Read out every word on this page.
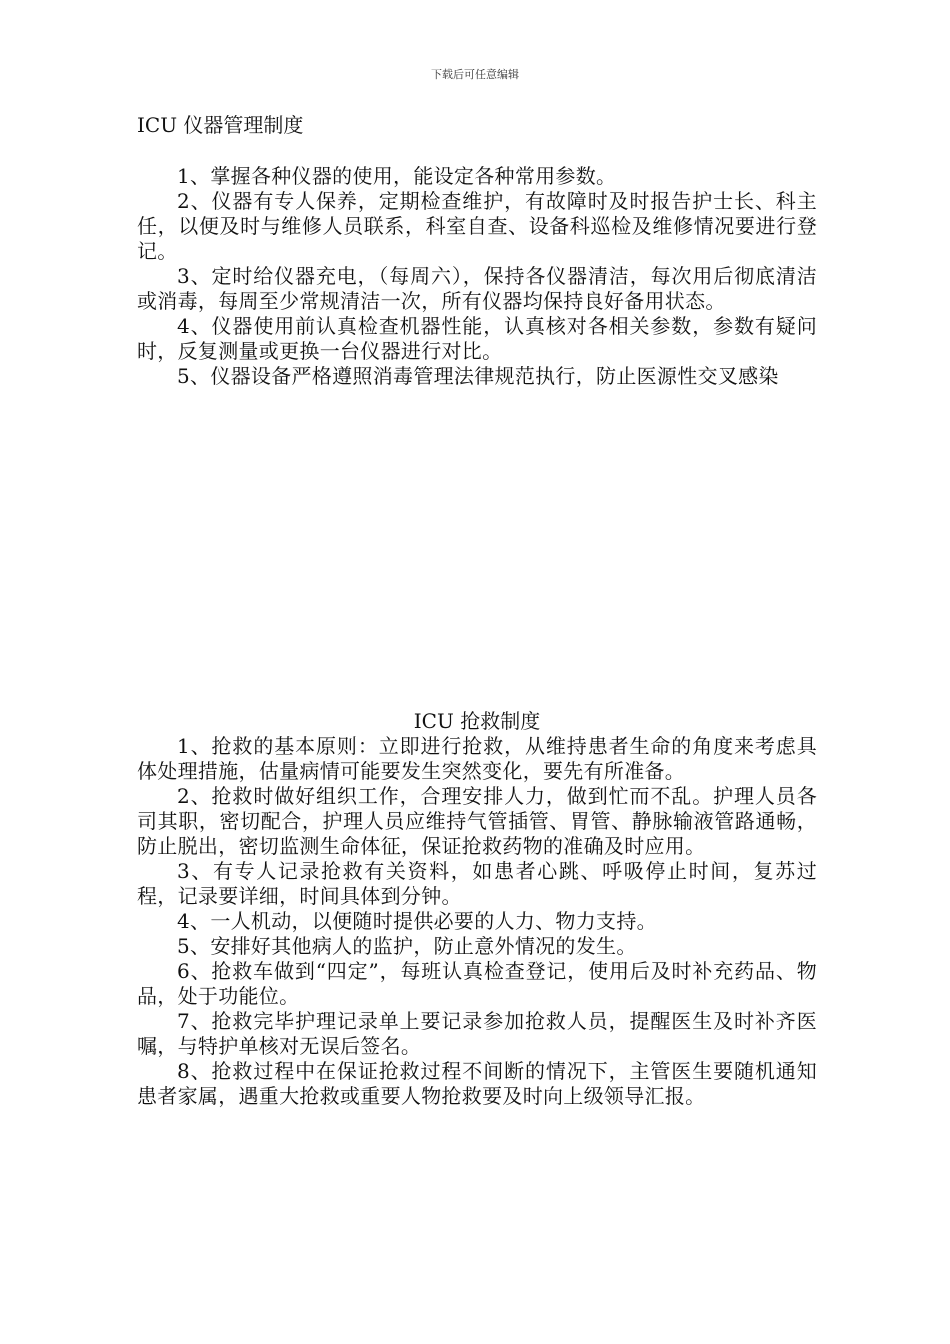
下载后可任意编辑

ICU 仪器管理制度

1、掌握各种仪器的使用，能设定各种常用参数。

2、仪器有专人保养，定期检查维护，有故障时及时报告护士长、科主任，以便及时与维修人员联系，科室自查、设备科巡检及维修情况要进行登记。

3、定时给仪器充电，（每周六），保持各仪器清洁，每次用后彻底清洁或消毒，每周至少常规清洁一次，所有仪器均保持良好备用状态。

4、仪器使用前认真检查机器性能，认真核对各相关参数，参数有疑问时，反复测量或更换一台仪器进行对比。

5、仪器设备严格遵照消毒管理法律规范执行，防止医源性交叉感染

ICU 抢救制度

1、抢救的基本原则：立即进行抢救，从维持患者生命的角度来考虑具体处理措施，估量病情可能要发生突然变化，要先有所准备。

2、抢救时做好组织工作，合理安排人力，做到忙而不乱。护理人员各司其职，密切配合，护理人员应维持气管插管、胃管、静脉输液管路通畅，防止脱出，密切监测生命体征，保证抢救药物的准确及时应用。

3、有专人记录抢救有关资料，如患者心跳、呼吸停止时间，复苏过程，记录要详细，时间具体到分钟。

4、一人机动，以便随时提供必要的人力、物力支持。

5、安排好其他病人的监护，防止意外情况的发生。

6、抢救车做到“四定”，每班认真检查登记，使用后及时补充药品、物品，处于功能位。

7、抢救完毕护理记录单上要记录参加抢救人员，提醒医生及时补齐医嘱，与特护单核对无误后签名。

8、抢救过程中在保证抢救过程不间断的情况下，主管医生要随机通知患者家属，遇重大抢救或重要人物抢救要及时向上级领导汇报。
